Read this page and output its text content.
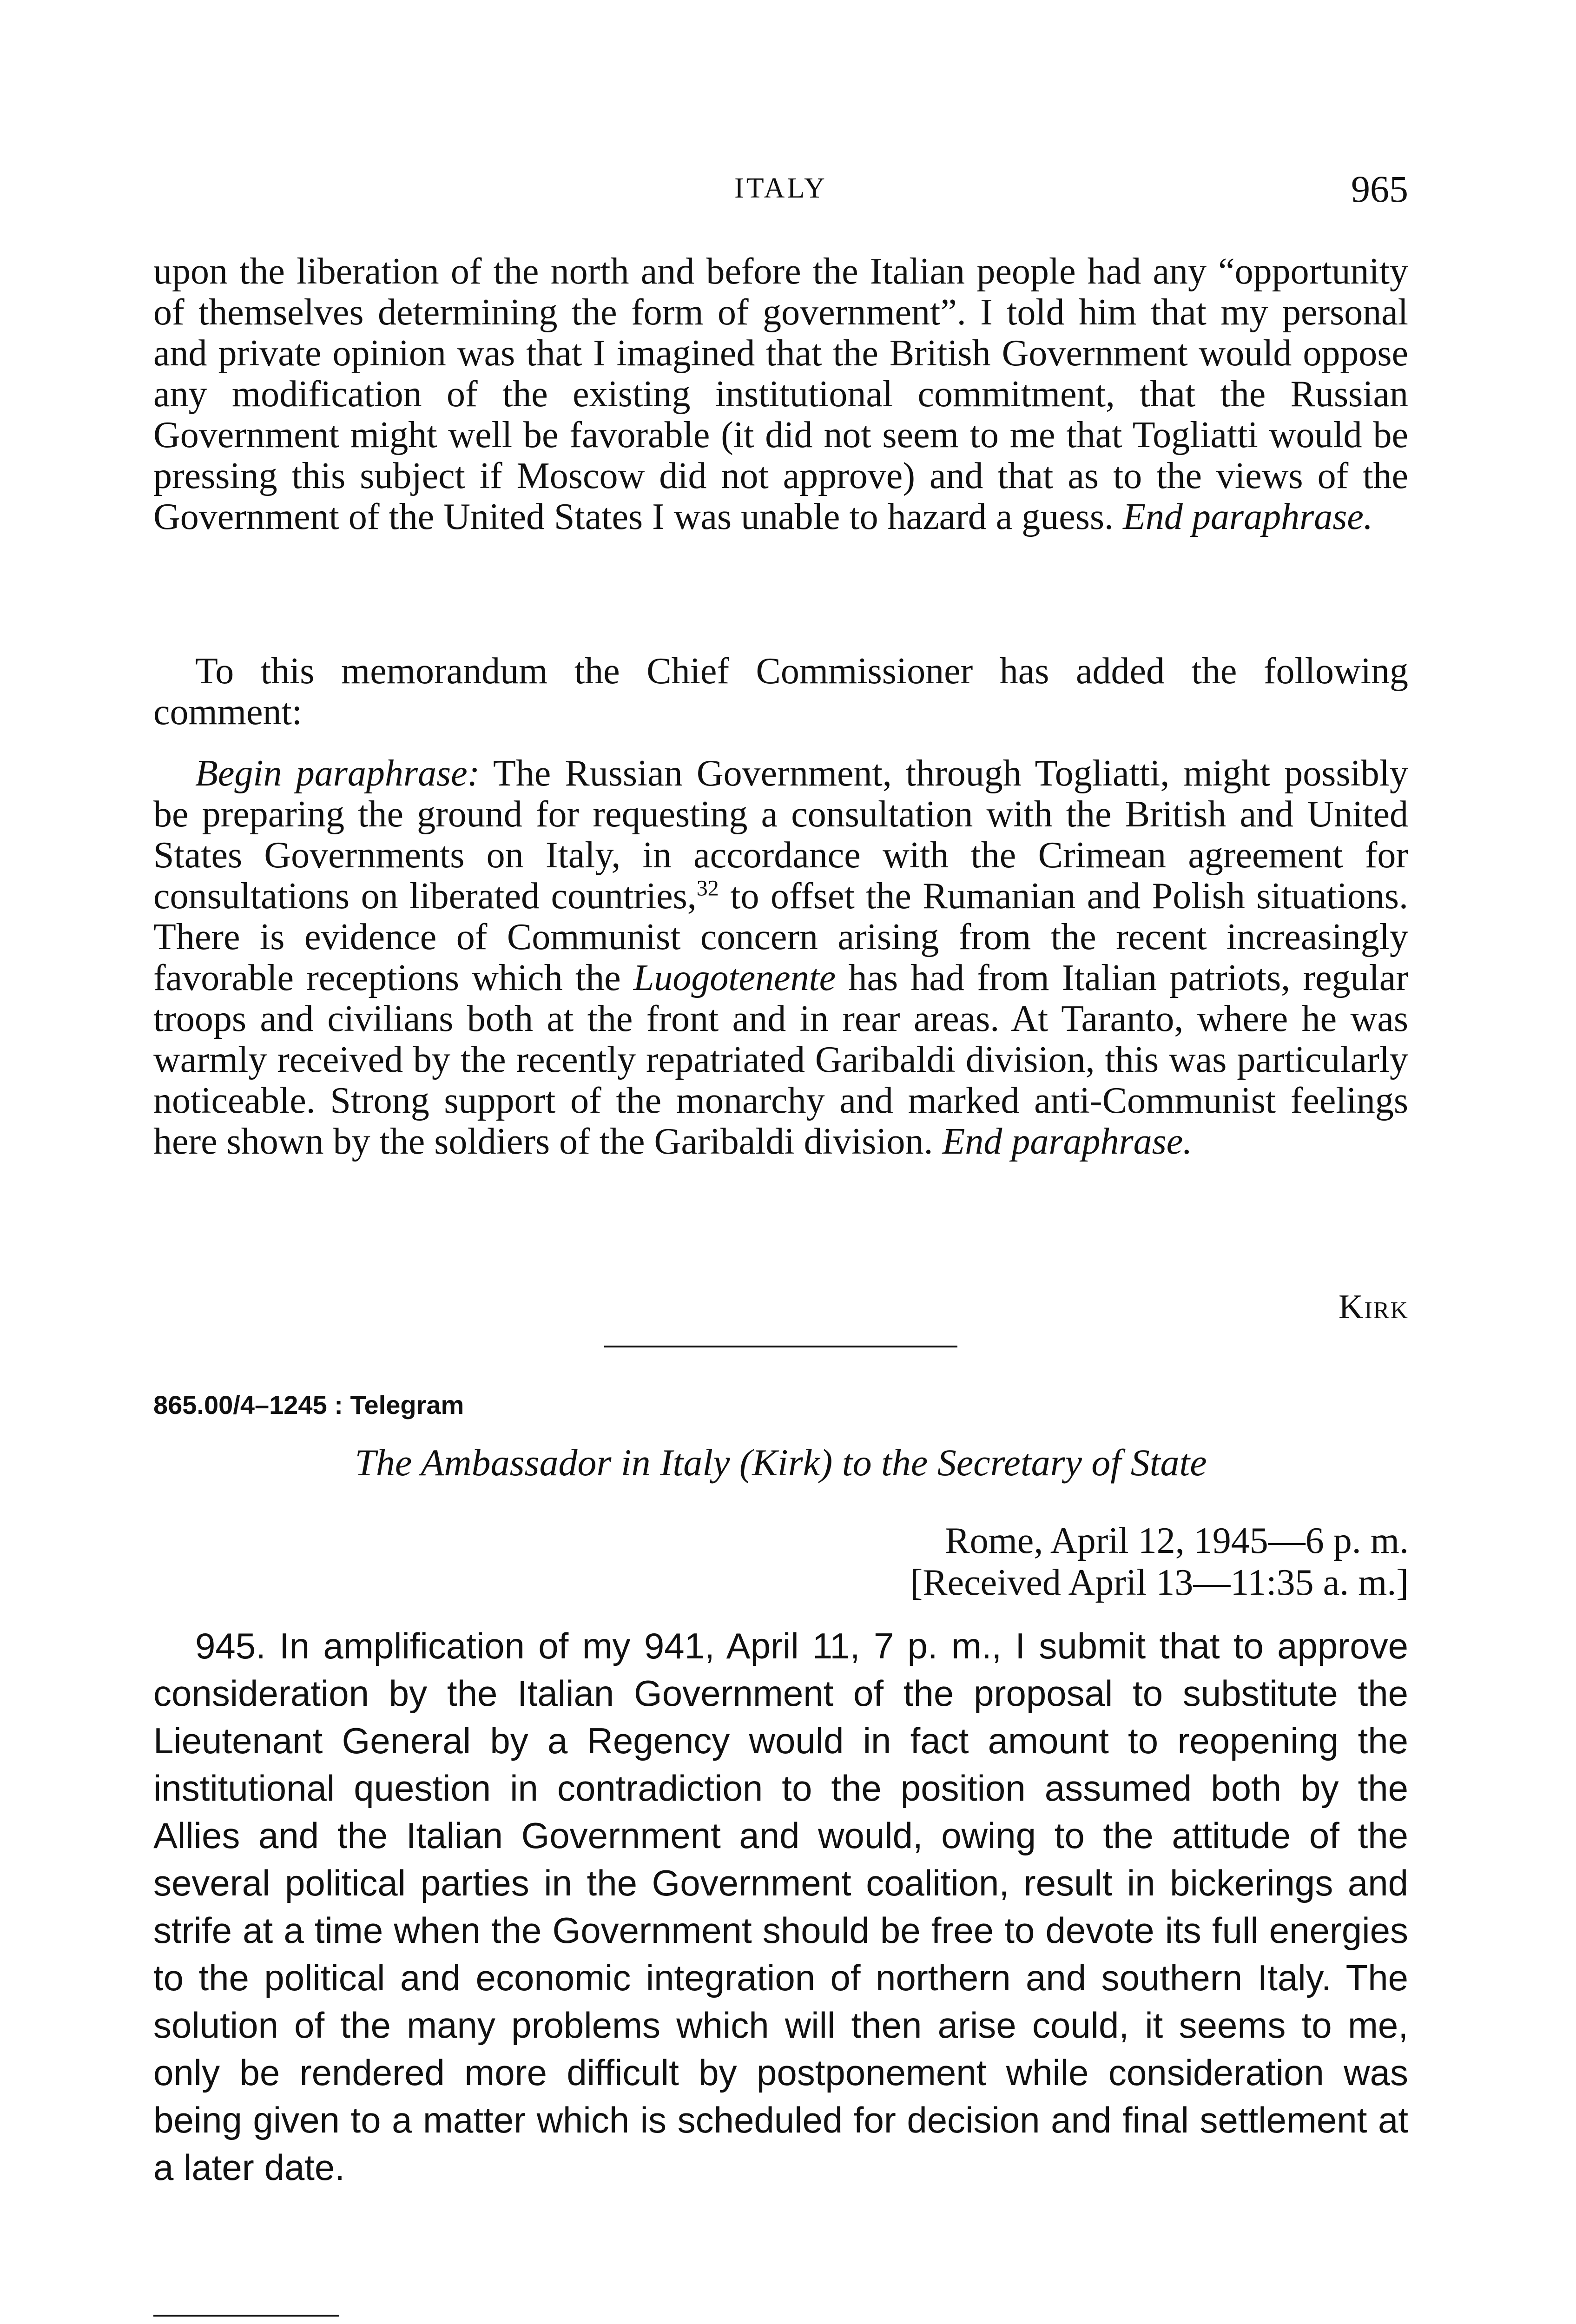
ITALY	965

upon the liberation of the north and before the Italian people had any “opportunity of themselves determining the form of government”. I told him that my personal and private opinion was that I imagined that the British Government would oppose any modification of the existing institutional commitment, that the Russian Government might well be favorable (it did not seem to me that Togliatti would be pressing this subject if Moscow did not approve) and that as to the views of the Government of the United States I was unable to hazard a guess. End paraphrase.

To this memorandum the Chief Commissioner has added the following comment:

Begin paraphrase: The Russian Government, through Togliatti, might possibly be preparing the ground for requesting a consultation with the British and United States Governments on Italy, in accordance with the Crimean agreement for consultations on liberated countries,$^{32}$ to offset the Rumanian and Polish situations. There is evidence of Communist concern arising from the recent increasingly favorable receptions which the Luogotenente has had from Italian patriots, regular troops and civilians both at the front and in rear areas. At Taranto, where he was warmly received by the recently repatriated Garibaldi division, this was particularly noticeable. Strong support of the monarchy and marked anti-Communist feelings here shown by the soldiers of the Garibaldi division. End paraphrase.

Kirk
865.00/4–1245 : Telegram
The Ambassador in Italy (Kirk) to the Secretary of State
Rome, April 12, 1945—6 p. m.
[Received April 13—11:35 a. m.]

945. In amplification of my 941, April 11, 7 p. m., I submit that to approve consideration by the Italian Government of the proposal to substitute the Lieutenant General by a Regency would in fact amount to reopening the institutional question in contradiction to the position assumed both by the Allies and the Italian Government and would, owing to the attitude of the several political parties in the Government coalition, result in bickerings and strife at a time when the Government should be free to devote its full energies to the political and economic integration of northern and southern Italy. The solution of the many problems which will then arise could, it seems to me, only be rendered more difficult by postponement while consideration was being given to a matter which is scheduled for decision and final settlement at a later date.
